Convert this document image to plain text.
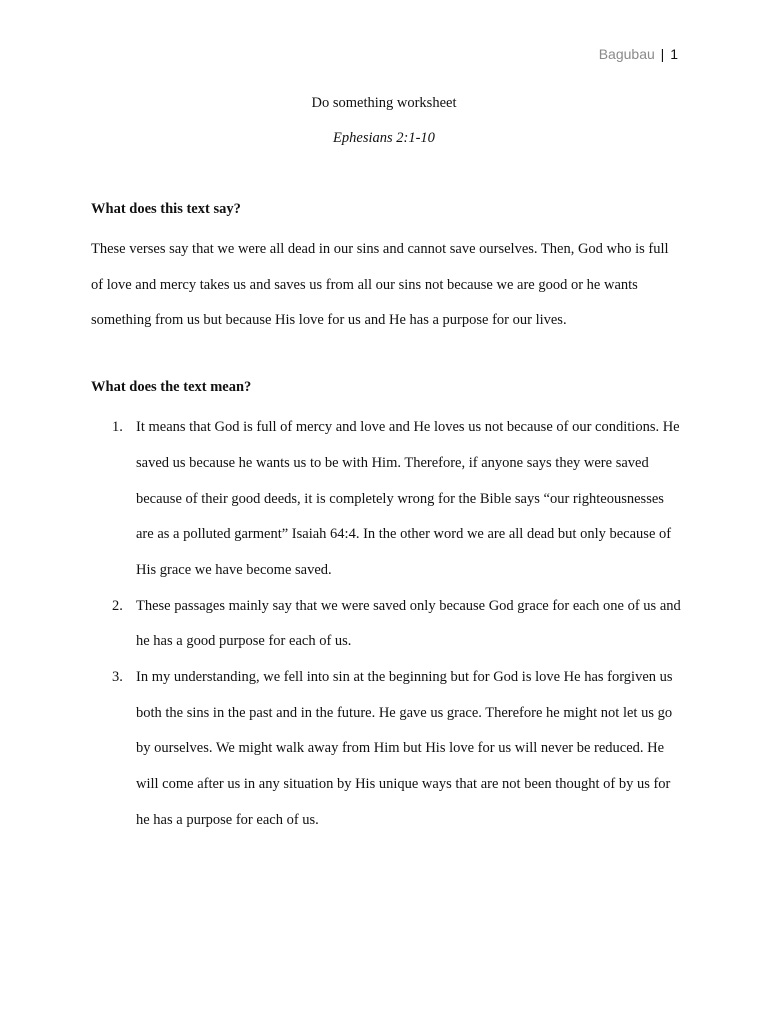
Bagubau | 1
Do something worksheet
Ephesians 2:1-10
What does this text say?

These verses say that we were all dead in our sins and cannot save ourselves. Then, God who is full of love and mercy takes us and saves us from all our sins not because we are good or he wants something from us but because His love for us and He has a purpose for our lives.

What does the text mean?
1. It means that God is full of mercy and love and He loves us not because of our conditions. He saved us because he wants us to be with Him. Therefore, if anyone says they were saved because of their good deeds, it is completely wrong for the Bible says “our righteousnesses are as a polluted garment” Isaiah 64:4. In the other word we are all dead but only because of His grace we have become saved.
2. These passages mainly say that we were saved only because God grace for each one of us and he has a good purpose for each of us.
3. In my understanding, we fell into sin at the beginning but for God is love He has forgiven us both the sins in the past and in the future. He gave us grace. Therefore he might not let us go by ourselves. We might walk away from Him but His love for us will never be reduced. He will come after us in any situation by His unique ways that are not been thought of by us for he has a purpose for each of us.
